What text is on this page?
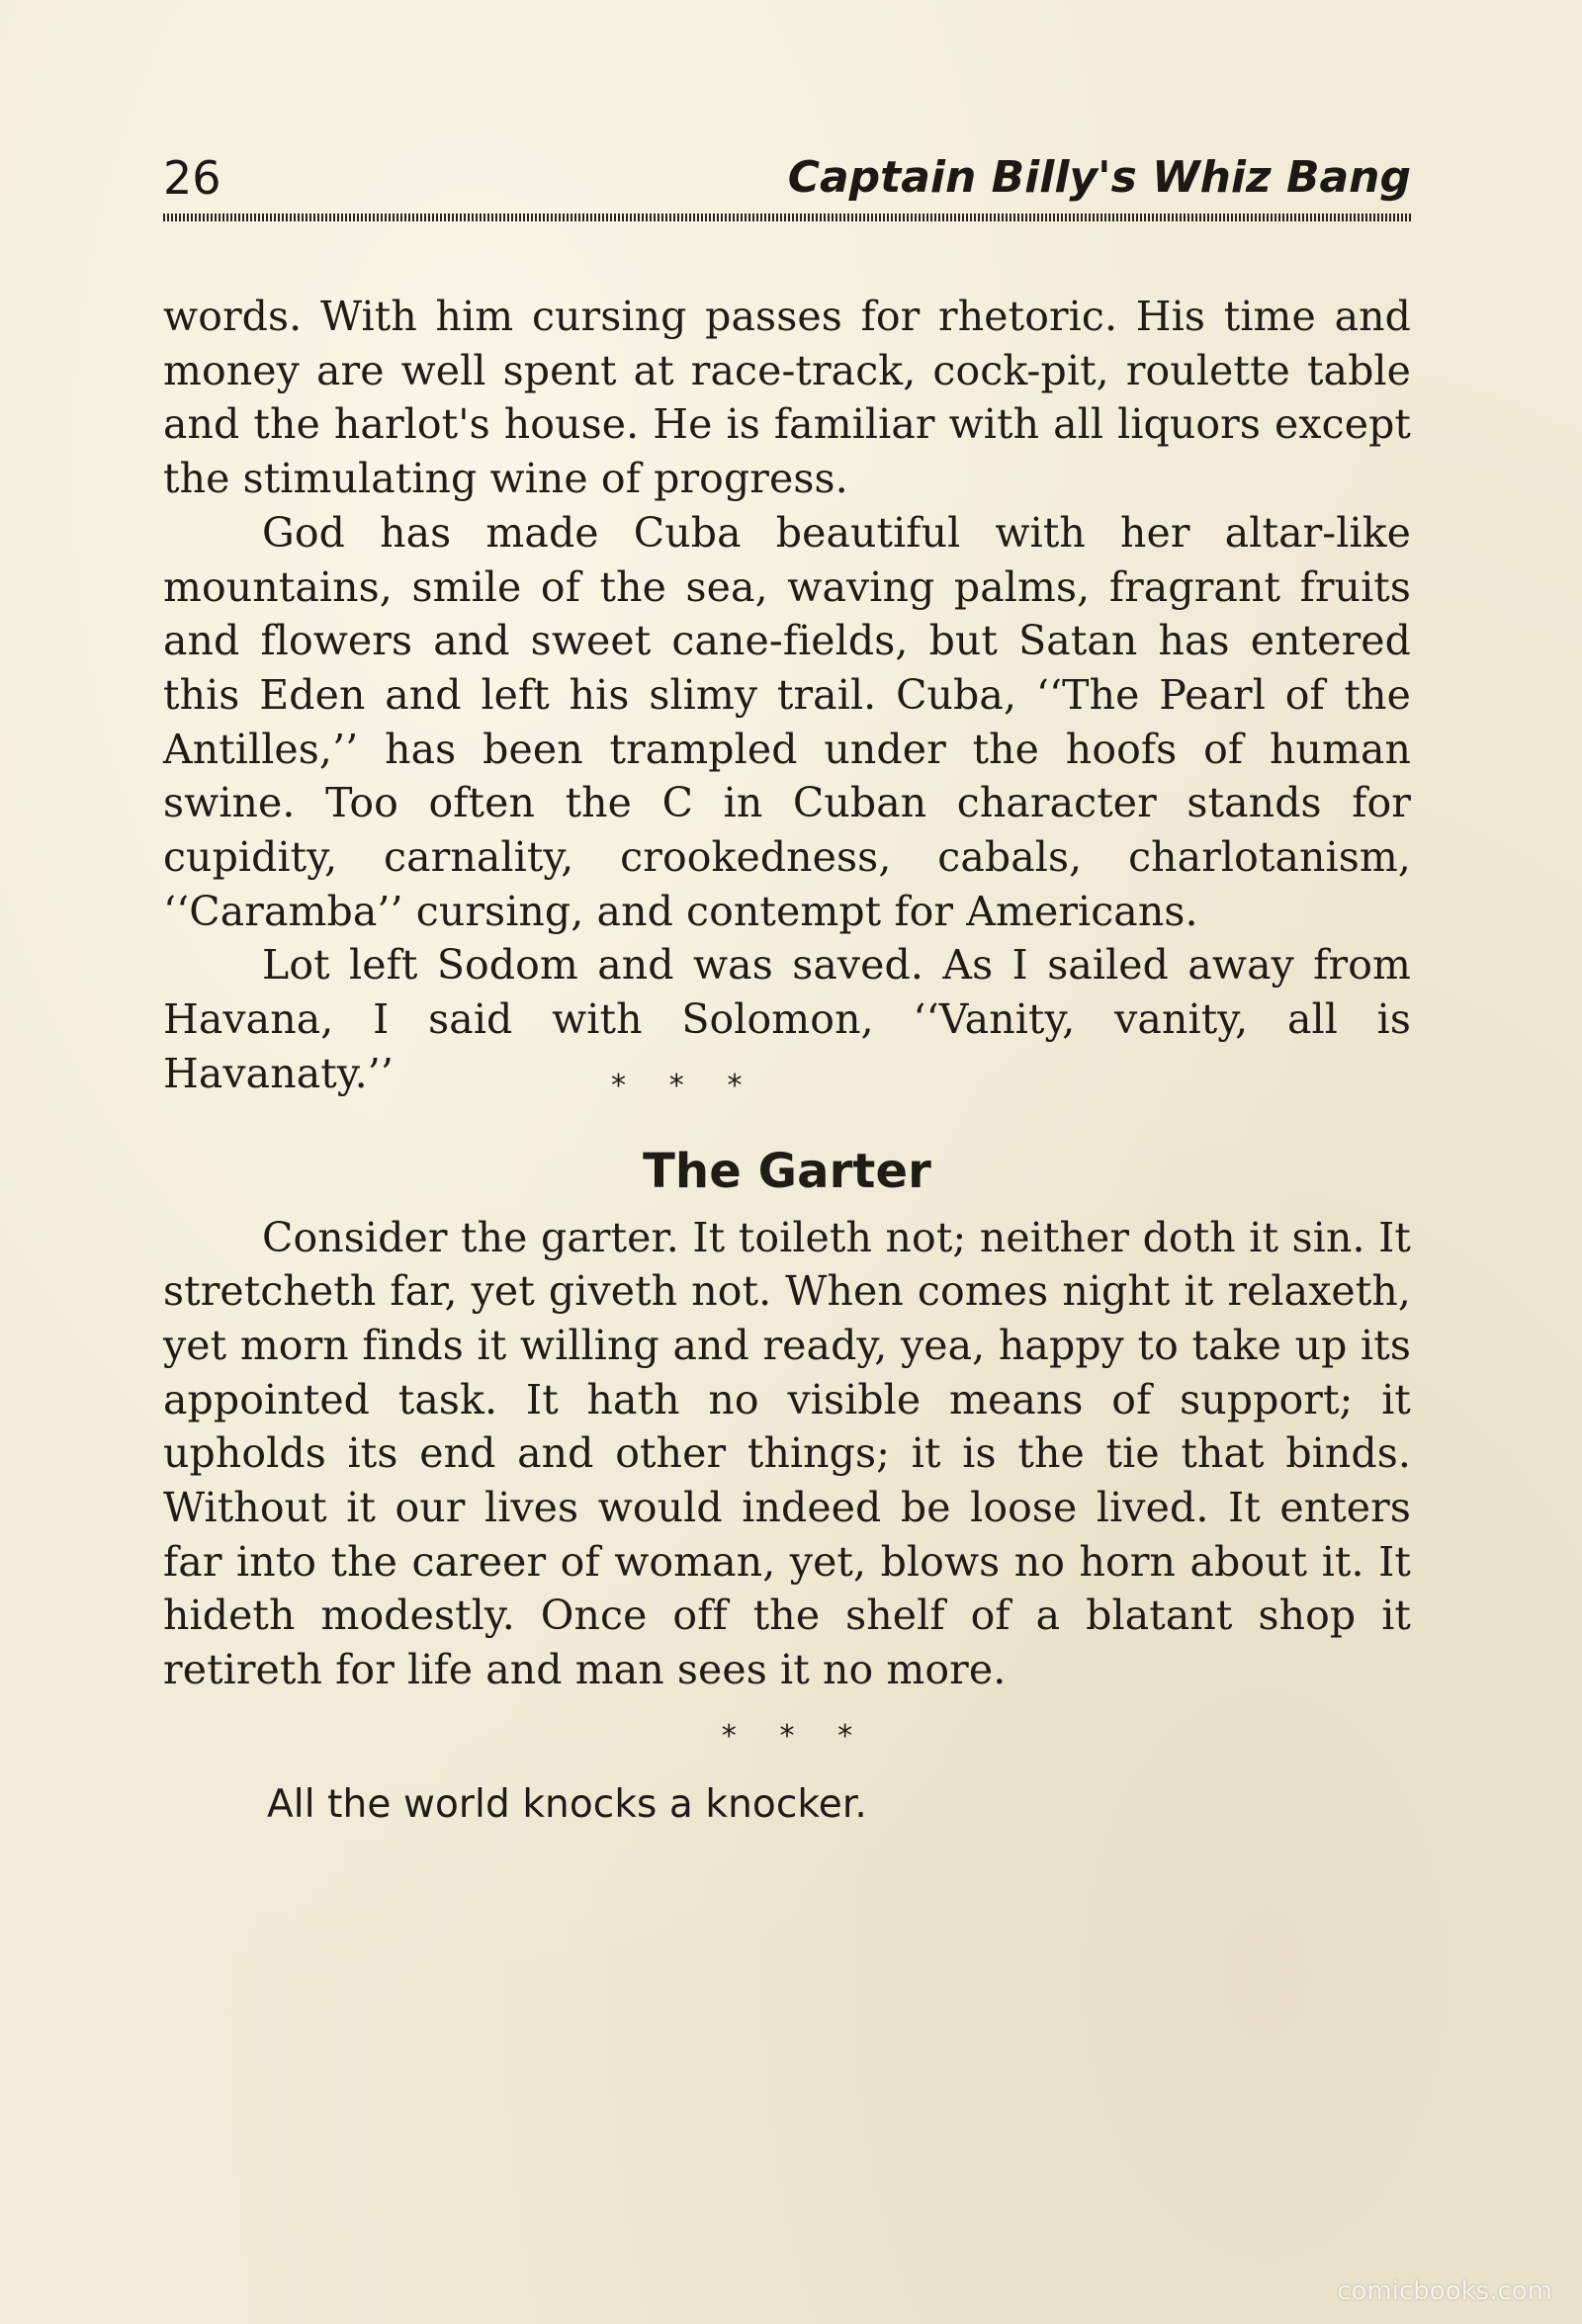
26	Captain Billy's Whiz Bang

words. With him cursing passes for rhetoric. His time and money are well spent at race-track, cock-pit, roulette table and the harlot's house. He is familiar with all liquors except the stimulating wine of progress.

God has made Cuba beautiful with her altar-like mountains, smile of the sea, waving palms, fragrant fruits and flowers and sweet cane-fields, but Satan has entered this Eden and left his slimy trail. Cuba, ‘‘The Pearl of the Antilles,’’ has been trampled under the hoofs of human swine. Too often the C in Cuban character stands for cupidity, carnality, crookedness, cabals, charlotanism, ‘‘Caramba’’ cursing, and contempt for Americans.

Lot left Sodom and was saved. As I sailed away from Havana, I said with Solomon, ‘‘Vanity, vanity, all is Havanaty.’’	* * *

The Garter

Consider the garter. It toileth not; neither doth it sin. It stretcheth far, yet giveth not. When comes night it relaxeth, yet morn finds it willing and ready, yea, happy to take up its appointed task. It hath no visible means of support; it upholds its end and other things; it is the tie that binds. Without it our lives would indeed be loose lived. It enters far into the career of woman, yet, blows no horn about it. It hideth modestly. Once off the shelf of a blatant shop it retireth for life and man sees it no more.

* * *

All the world knocks a knocker.

comicbooks.com
